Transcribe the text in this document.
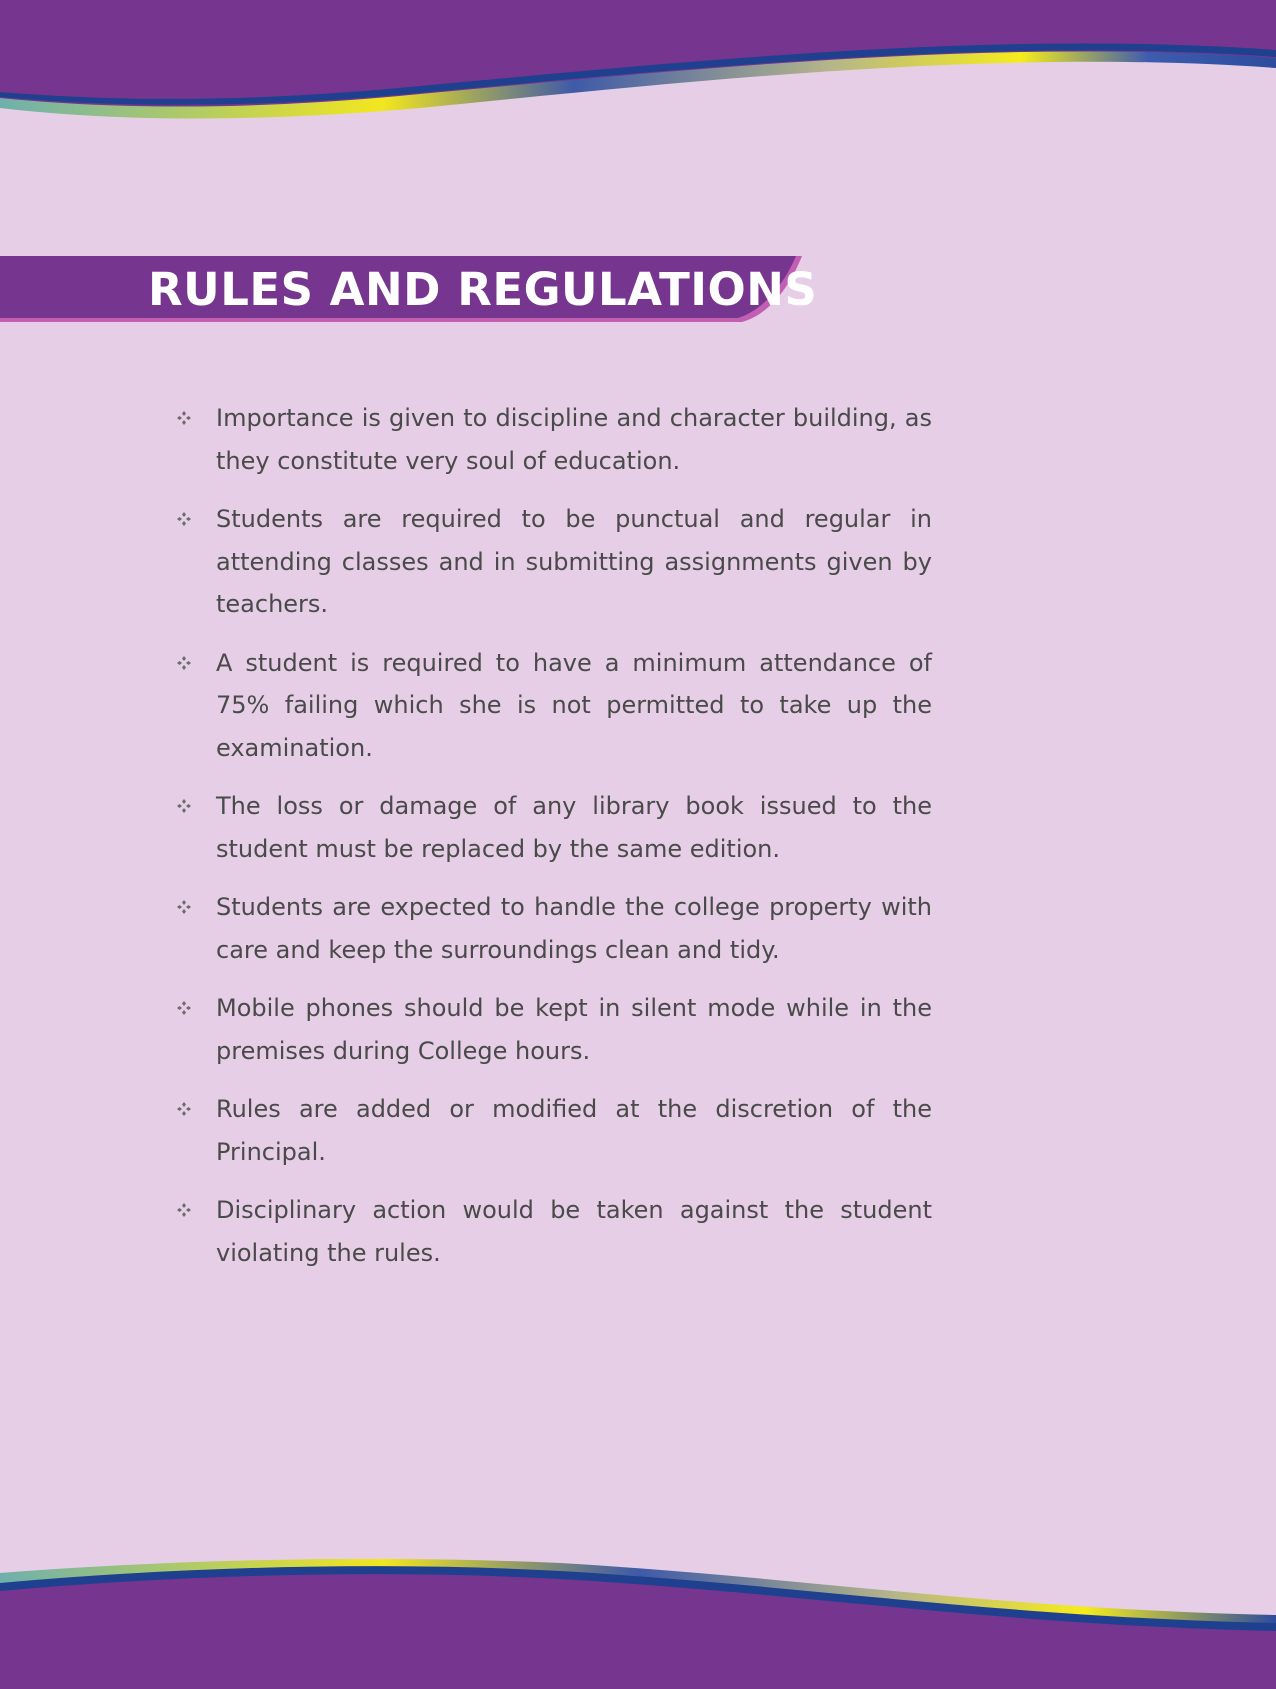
RULES AND REGULATIONS
Importance is given to discipline and character building, as they constitute very soul of education.
Students are required to be punctual and regular in attending classes and in submitting assignments given by teachers.
A student is required to have a minimum attendance of 75% failing which she is not permitted to take up the examination.
The loss or damage of any library book issued to the student must be replaced by the same edition.
Students are expected to handle the college property with care and keep the surroundings clean and tidy.
Mobile phones should be kept in silent mode while in the premises during College hours.
Rules are added or modified at the discretion of the Principal.
Disciplinary action would be taken against the student violating the rules.
